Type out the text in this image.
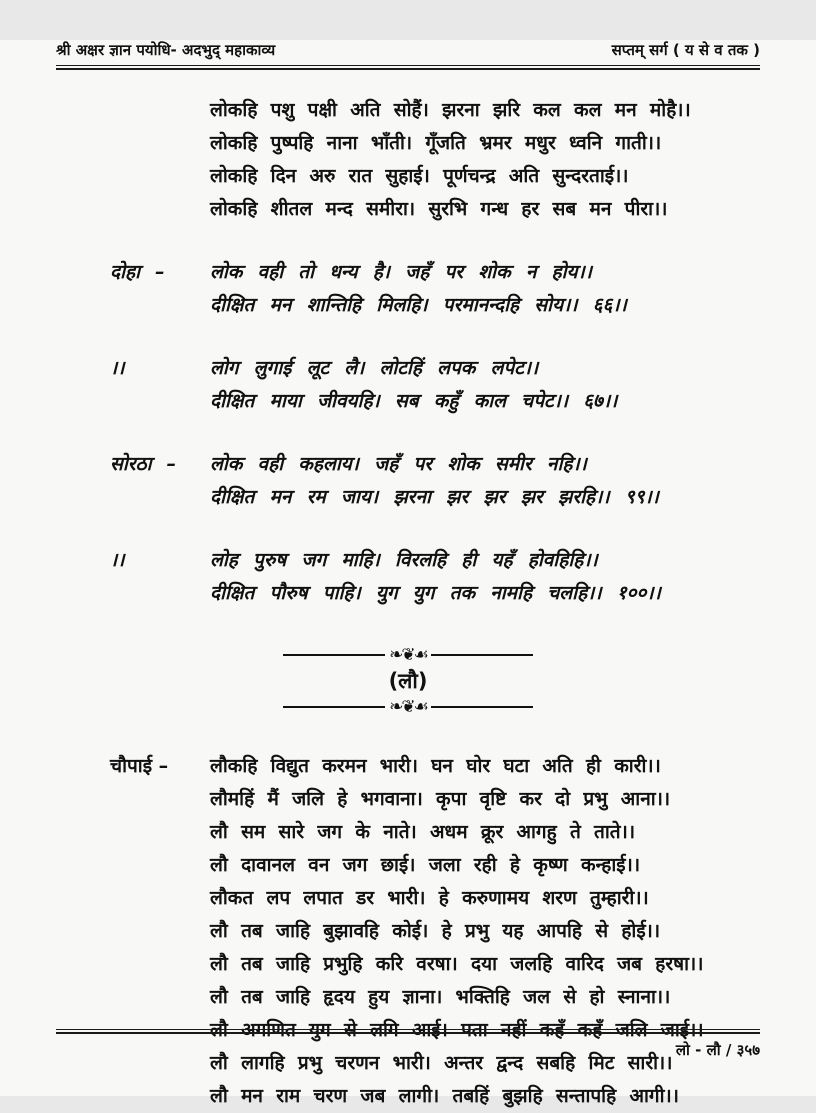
श्री अक्षर ज्ञान पयोधि- अदभुद् महाकाव्य	सप्तम् सर्ग ( य से व तक )
लोकहि पशु पक्षी अति सोहैं। झरना झरि कल कल मन मोहै।।
लोकहि पुष्पहि नाना भाँती। गूँजति भ्रमर मधुर ध्वनि गाती।।
लोकहि दिन अरु रात सुहाई। पूर्णचन्द्र अति सुन्दरताई।।
लोकहि शीतल मन्द समीरा। सुरभि गन्ध हर सब मन पीरा।।
दोहा –	लोक वही तो धन्य है। जहँ पर शोक न होय।।
दीक्षित मन शान्तिहि मिलहि। परमानन्दहि सोय।। ६६।।
।।	लोग लुगाई लूट लै। लोटहिं लपक लपेट।।
दीक्षित माया जीवयहि। सब कहुँ काल चपेट।। ६७।।
सोरठा –	लोक वही कहलाय। जहँ पर शोक समीर नहि।।
दीक्षित मन रम जाय। झरना झर झर झर झरहि।। ९९।।
।।	लोह पुरुष जग माहि। विरलहि ही यहँ होवहिहि।।
दीक्षित पौरुष पाहि। युग युग तक नामहि चलहि।। १००।।
❧❦☙
(लौ)
❧❦☙
चौपाई –	लौकहि विद्युत करमन भारी। घन घोर घटा अति ही कारी।।
लौमहिं मैं जलि हे भगवाना। कृपा वृष्टि कर दो प्रभु आना।।
लौ सम सारे जग के नाते। अधम क्रूर आगहु ते ताते।।
लौ दावानल वन जग छाई। जला रही हे कृष्ण कन्हाई।।
लौकत लप लपात डर भारी। हे करुणामय शरण तुम्हारी।।
लौ तब जाहि बुझावहि कोई। हे प्रभु यह आपहि से होई।।
लौ तब जाहि प्रभुहि करि वरषा। दया जलहि वारिद जब हरषा।।
लौ तब जाहि हृदय हुय ज्ञाना। भक्तिहि जल से हो स्नाना।।
लौ अगणित युग से लगि आई। पता नहीं कहँ कहँ जलि जाई।।
लौ लागहि प्रभु चरणन भारी। अन्तर द्वन्द सबहि मिट सारी।।
लौ मन राम चरण जब लागी। तबहिं बुझहि सन्तापहि आगी।।
लो - लौ / ३५७
